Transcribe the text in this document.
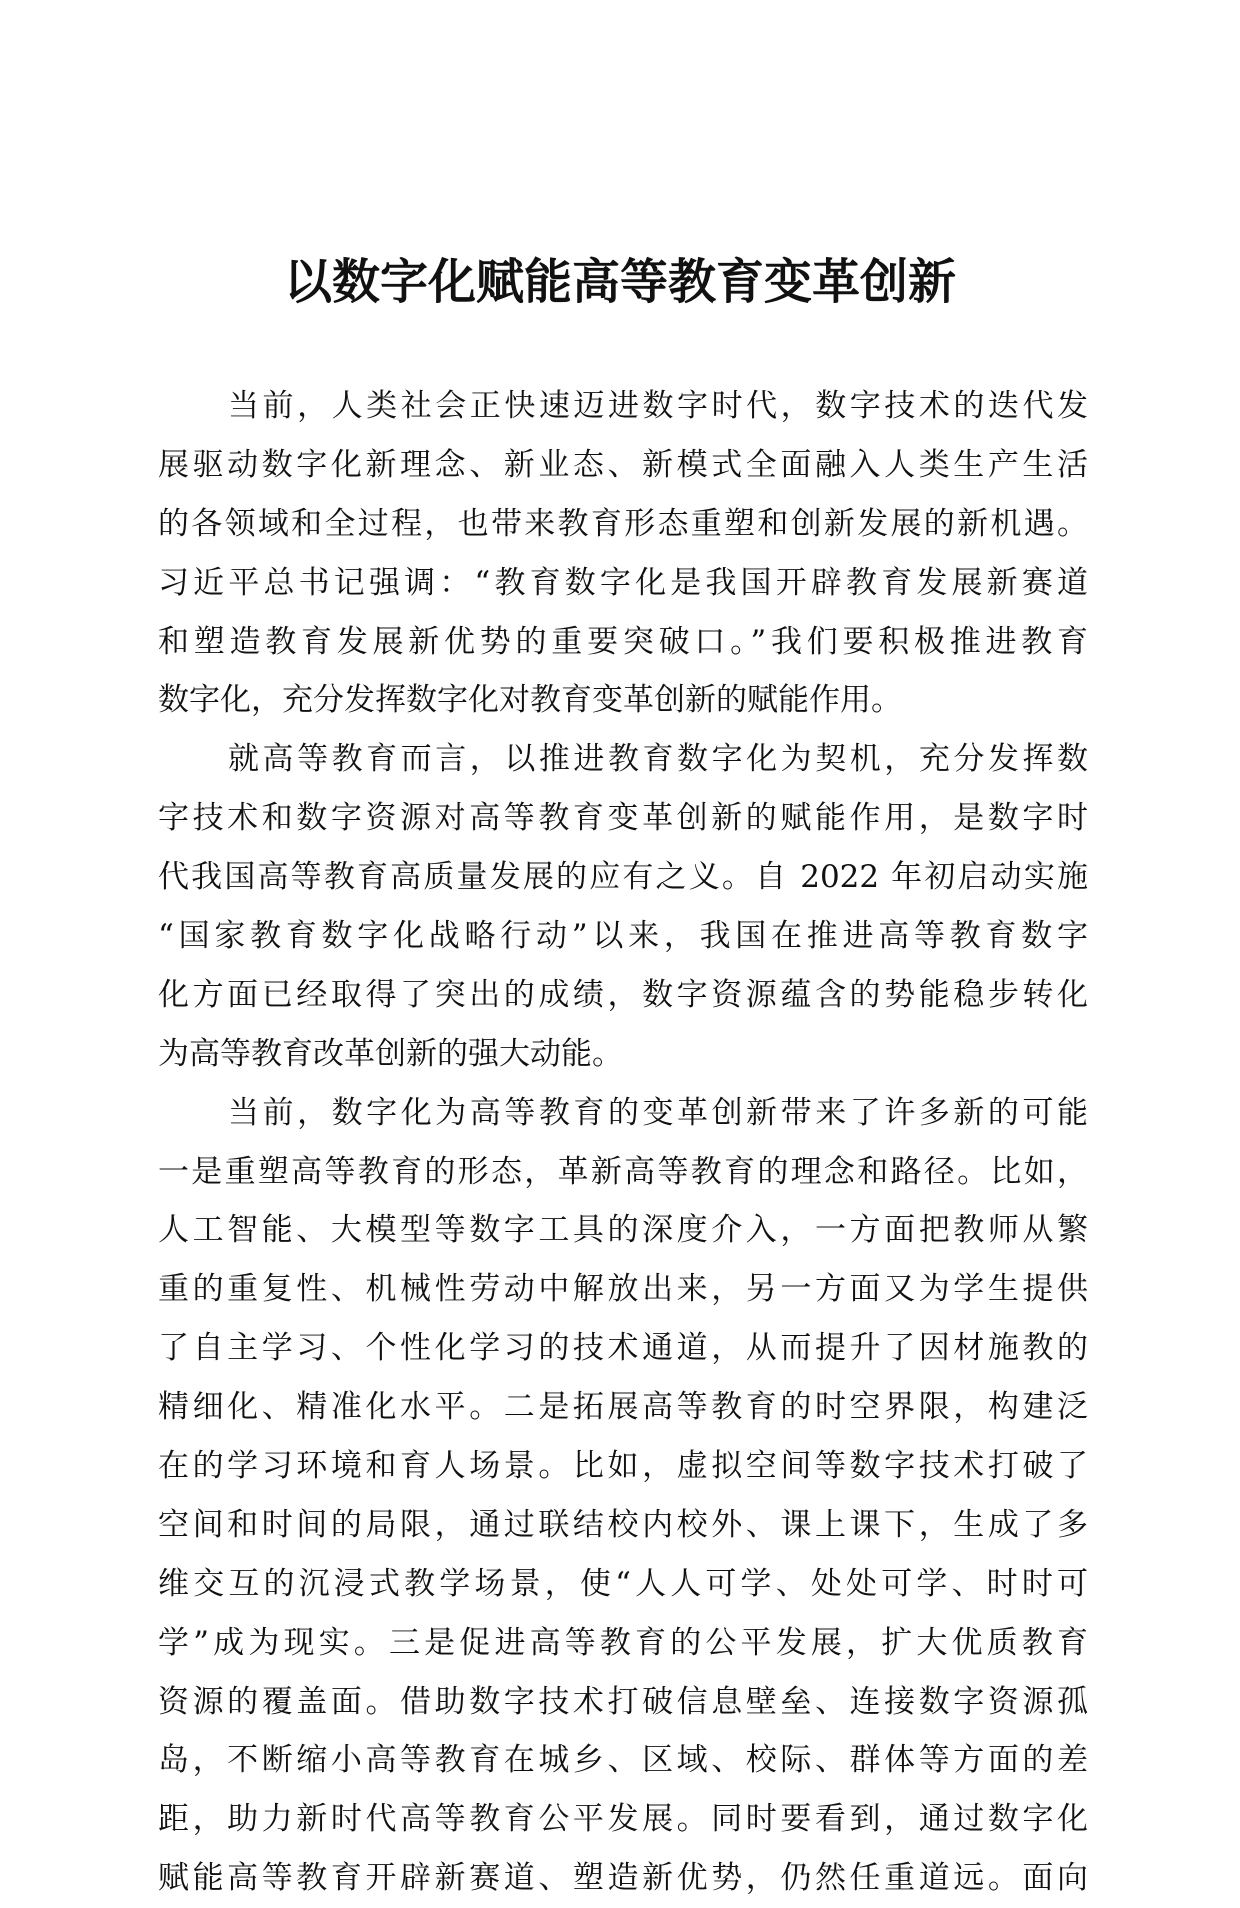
以数字化赋能高等教育变革创新
当前，人类社会正快速迈进数字时代，数字技术的迭代发
展驱动数字化新理念、新业态、新模式全面融入人类生产生活
的各领域和全过程，也带来教育形态重塑和创新发展的新机遇。
习近平总书记强调：“教育数字化是我国开辟教育发展新赛道
和塑造教育发展新优势的重要突破口。”我们要积极推进教育
数字化，充分发挥数字化对教育变革创新的赋能作用。
就高等教育而言，以推进教育数字化为契机，充分发挥数
字技术和数字资源对高等教育变革创新的赋能作用，是数字时
代我国高等教育高质量发展的应有之义。自 2022 年初启动实施
“国家教育数字化战略行动”以来，我国在推进高等教育数字
化方面已经取得了突出的成绩，数字资源蕴含的势能稳步转化
为高等教育改革创新的强大动能。
当前，数字化为高等教育的变革创新带来了许多新的可能
一是重塑高等教育的形态，革新高等教育的理念和路径。比如，
人工智能、大模型等数字工具的深度介入，一方面把教师从繁
重的重复性、机械性劳动中解放出来，另一方面又为学生提供
了自主学习、个性化学习的技术通道，从而提升了因材施教的
精细化、精准化水平。二是拓展高等教育的时空界限，构建泛
在的学习环境和育人场景。比如，虚拟空间等数字技术打破了
空间和时间的局限，通过联结校内校外、课上课下，生成了多
维交互的沉浸式教学场景，使“人人可学、处处可学、时时可
学”成为现实。三是促进高等教育的公平发展，扩大优质教育
资源的覆盖面。借助数字技术打破信息壁垒、连接数字资源孤
岛，不断缩小高等教育在城乡、区域、校际、群体等方面的差
距，助力新时代高等教育公平发展。同时要看到，通过数字化
赋能高等教育开辟新赛道、塑造新优势，仍然任重道远。面向
